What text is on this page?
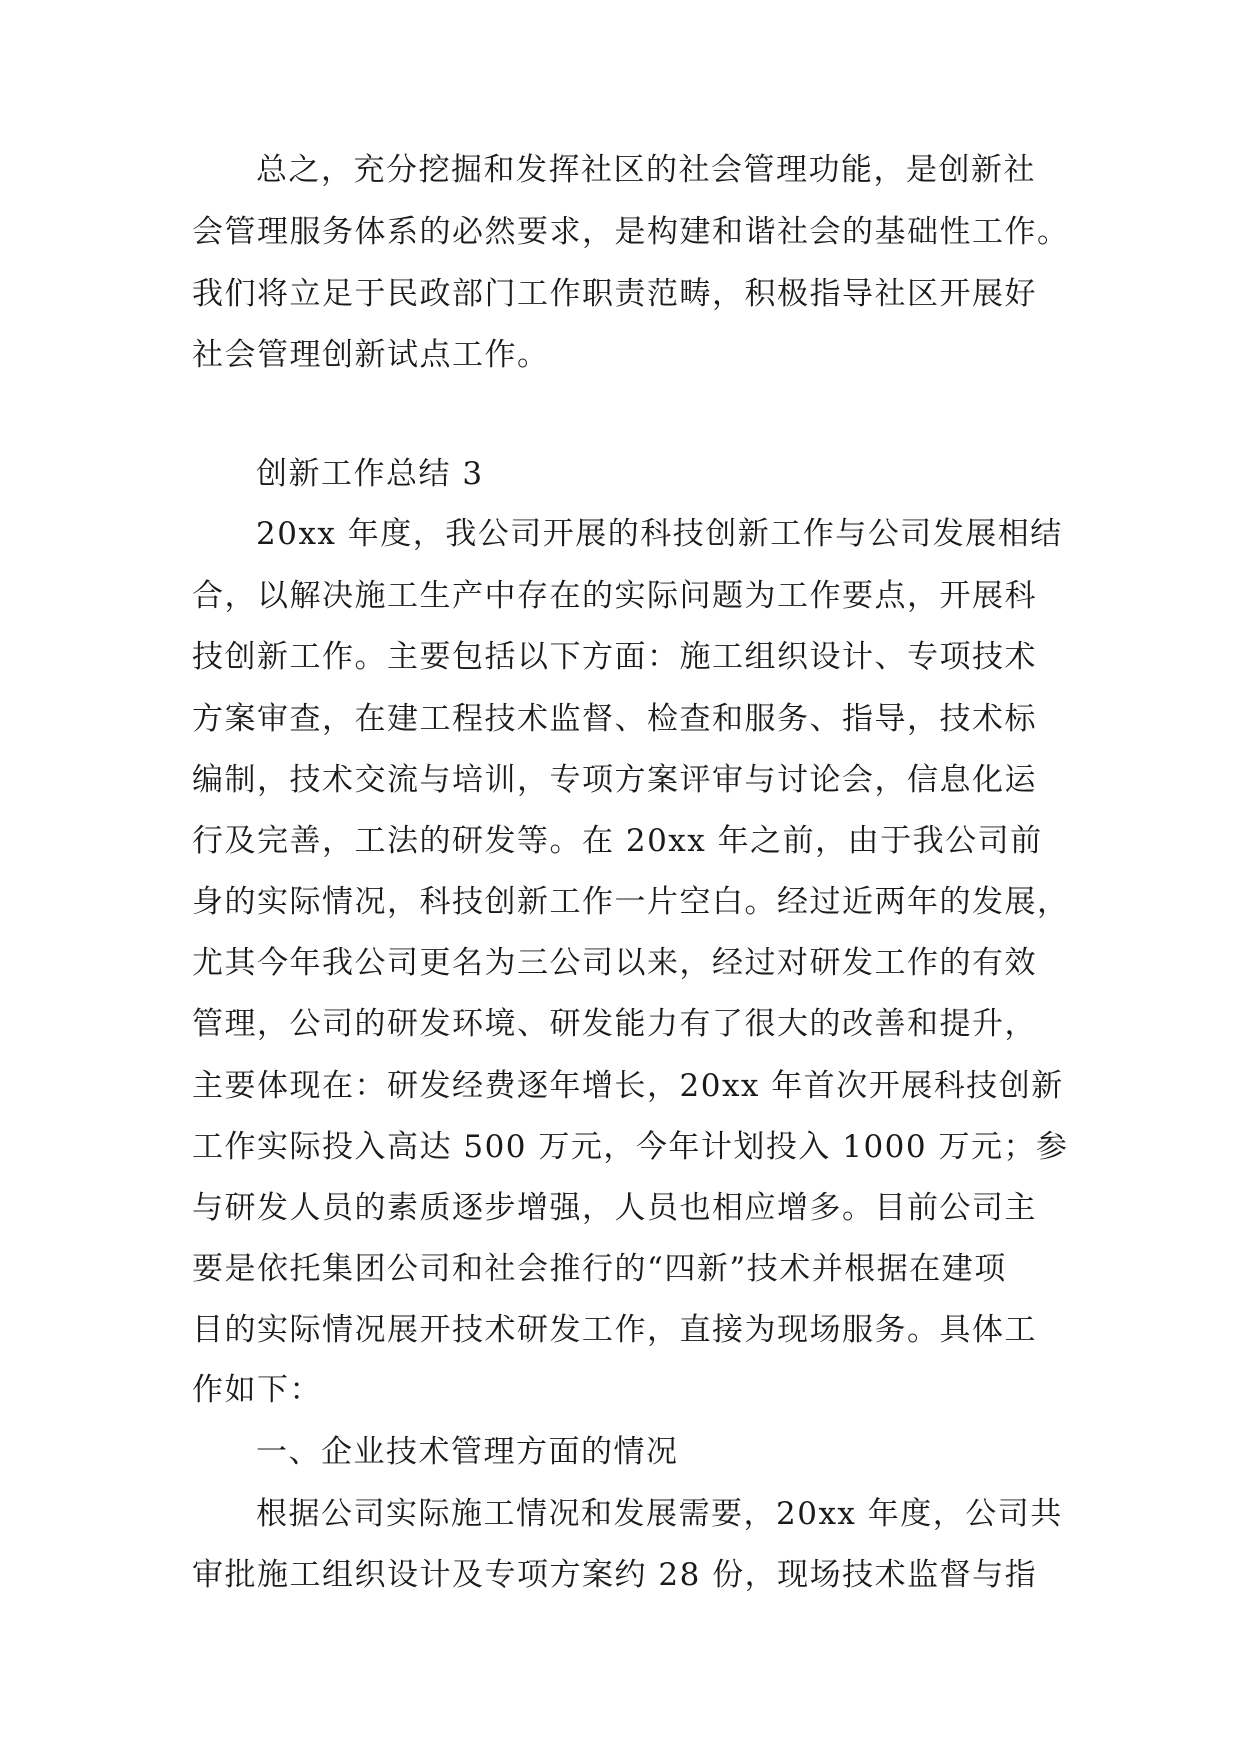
总之，充分挖掘和发挥社区的社会管理功能，是创新社
会管理服务体系的必然要求，是构建和谐社会的基础性工作。
我们将立足于民政部门工作职责范畴，积极指导社区开展好
社会管理创新试点工作。
创新工作总结 3
20xx 年度，我公司开展的科技创新工作与公司发展相结
合，以解决施工生产中存在的实际问题为工作要点，开展科
技创新工作。主要包括以下方面：施工组织设计、专项技术
方案审查，在建工程技术监督、检查和服务、指导，技术标
编制，技术交流与培训，专项方案评审与讨论会，信息化运
行及完善，工法的研发等。在 20xx 年之前，由于我公司前
身的实际情况，科技创新工作一片空白。经过近两年的发展，
尤其今年我公司更名为三公司以来，经过对研发工作的有效
管理，公司的研发环境、研发能力有了很大的改善和提升，
主要体现在：研发经费逐年增长，20xx 年首次开展科技创新
工作实际投入高达 500 万元，今年计划投入 1000 万元；参
与研发人员的素质逐步增强，人员也相应增多。目前公司主
要是依托集团公司和社会推行的“四新”技术并根据在建项
目的实际情况展开技术研发工作，直接为现场服务。具体工
作如下：
一、企业技术管理方面的情况
根据公司实际施工情况和发展需要，20xx 年度，公司共
审批施工组织设计及专项方案约 28 份，现场技术监督与指
